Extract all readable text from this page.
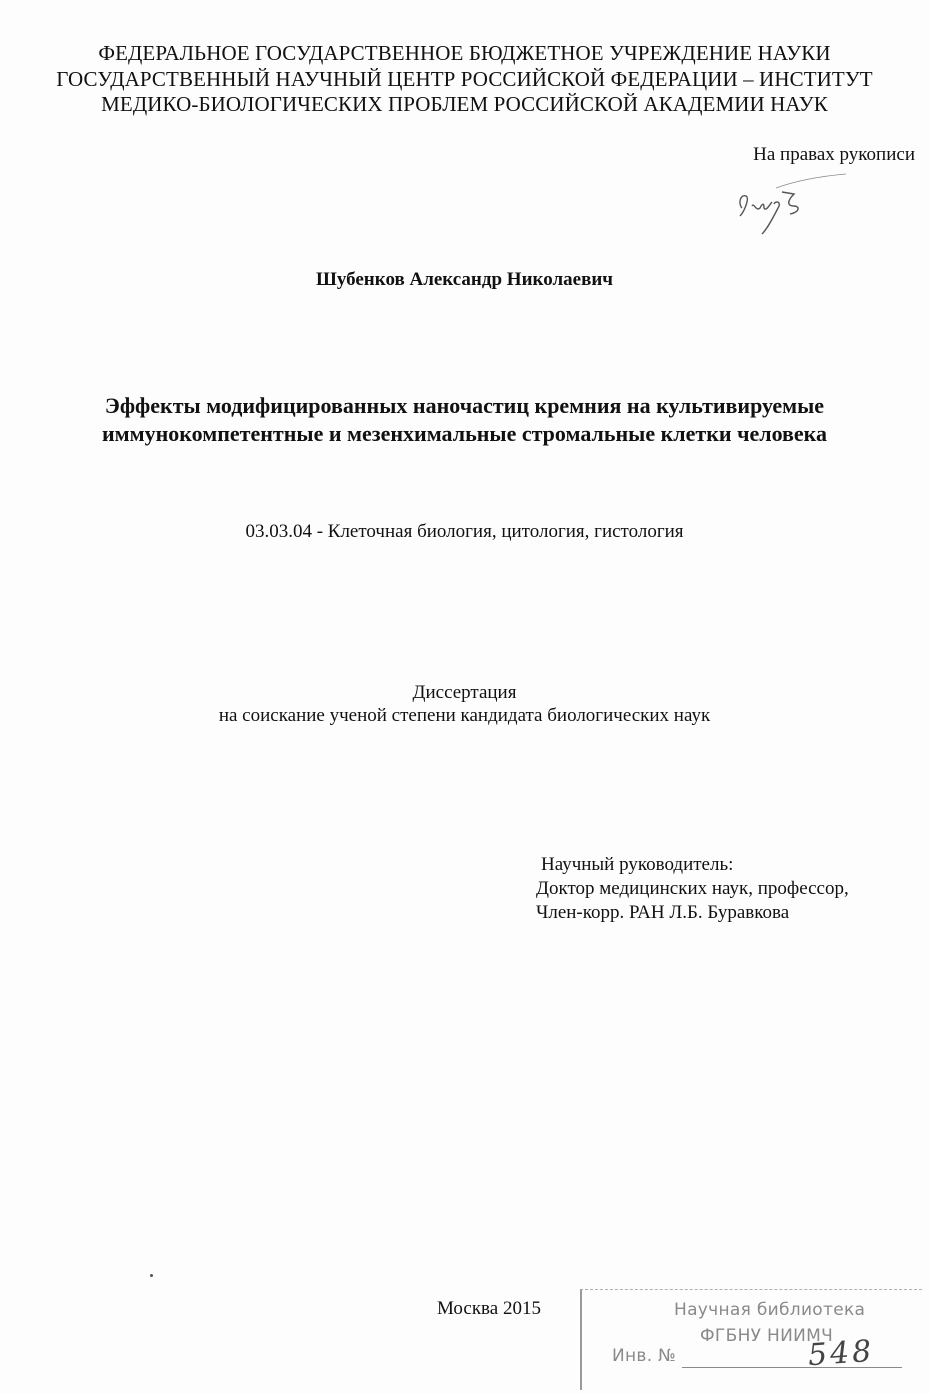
ФЕДЕРАЛЬНОЕ ГОСУДАРСТВЕННОЕ БЮДЖЕТНОЕ УЧРЕЖДЕНИЕ НАУКИ
ГОСУДАРСТВЕННЫЙ НАУЧНЫЙ ЦЕНТР РОССИЙСКОЙ ФЕДЕРАЦИИ – ИНСТИТУТ
МЕДИКО-БИОЛОГИЧЕСКИХ ПРОБЛЕМ РОССИЙСКОЙ АКАДЕМИИ НАУК
На правах рукописи
Шубенков Александр Николаевич
Эффекты модифицированных наночастиц кремния на культивируемые
иммунокомпетентные и мезенхимальные стромальные клетки человека
03.03.04 - Клеточная биология, цитология, гистология
Диссертация
на соискание ученой степени кандидата биологических наук
Научный руководитель:
Доктор медицинских наук, профессор,
Член-корр. РАН Л.Б. Буравкова
Москва 2015	Научная библиотека
ФГБНУ НИИМЧ
Инв. №	548
